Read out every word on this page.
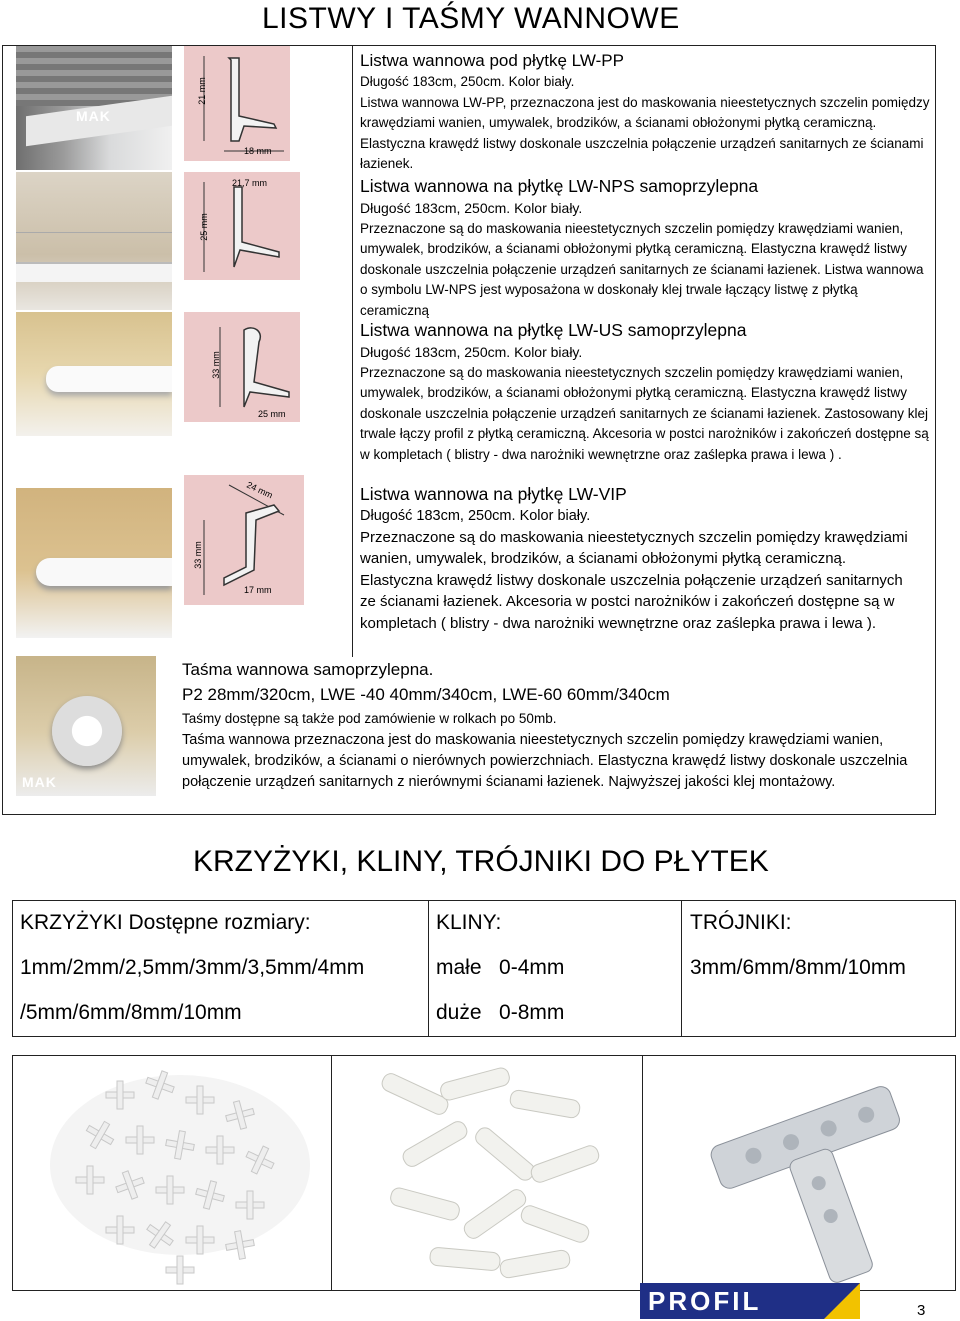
LISTWY I TAŚMY WANNOWE
MAK
MAK
21 mm
18 mm
21,7 mm
25 mm
33 mm
25 mm
24 mm
33 mm
17 mm
Listwa wannowa pod płytkę LW-PP

Długość 183cm, 250cm. Kolor biały.

Listwa wannowa LW-PP, przeznaczona jest do maskowania nieestetycznych szczelin pomiędzy krawędziami wanien, umywalek, brodzików, a ścianami obłożonymi płytką ceramiczną. Elastyczna krawędź listwy doskonale uszczelnia połączenie urządzeń sanitarnych ze ścianami łazienek.

Listwa wannowa na płytkę LW-NPS samoprzylepna

Długość 183cm, 250cm. Kolor biały.

Przeznaczone są do maskowania nieestetycznych szczelin pomiędzy krawędziami wanien, umywalek, brodzików, a ścianami obłożonymi płytką ceramiczną. Elastyczna krawędź listwy doskonale uszczelnia połączenie urządzeń sanitarnych ze ścianami łazienek. Listwa wannowa o symbolu LW-NPS jest wyposażona w doskonały klej trwale łączący listwę z płytką ceramiczną

Listwa wannowa na płytkę LW-US samoprzylepna

Długość 183cm, 250cm. Kolor biały.

Przeznaczone są do maskowania nieestetycznych szczelin pomiędzy krawędziami wanien, umywalek, brodzików, a ścianami obłożonymi płytką ceramiczną. Elastyczna krawędź listwy doskonale uszczelnia połączenie urządzeń sanitarnych ze ścianami łazienek. Zastosowany klej trwale łączy profil z płytką ceramiczną. Akcesoria w postci narożników i zakończeń dostępne są w kompletach ( blistry - dwa narożniki wewnętrzne oraz zaślepka prawa i lewa ) .

Listwa wannowa na płytkę LW-VIP

Długość 183cm, 250cm. Kolor biały.

Przeznaczone są do maskowania nieestetycznych szczelin pomiędzy krawędziami wanien, umywalek, brodzików, a ścianami obłożonymi płytką ceramiczną. Elastyczna krawędź listwy doskonale uszczelnia połączenie urządzeń sanitarnych ze ścianami łazienek. Akcesoria w postci narożników i zakończeń dostępne są w kompletach ( blistry - dwa narożniki wewnętrzne oraz zaślepka prawa i lewa ).

Taśma wannowa samoprzylepna.
P2 28mm/320cm, LWE -40 40mm/340cm, LWE-60 60mm/340cm
Taśmy dostępne są także pod zamówienie w rolkach po 50mb.
Taśma wannowa przeznaczona jest do maskowania nieestetycznych szczelin pomiędzy krawędziami wanien, umywalek, brodzików, a ścianami o nierównych powierzchniach. Elastyczna krawędź listwy doskonale uszczelnia połączenie urządzeń sanitarnych z nierównymi ścianami łazienek. Najwyższej jakości klej montażowy.
KRZYŻYKI, KLINY, TRÓJNIKI DO PŁYTEK
KRZYŻYKI Dostępne rozmiary:
1mm/2mm/2,5mm/3mm/3,5mm/4mm
/5mm/6mm/8mm/10mm
KLINY:
małe   0-4mm
duże   0-8mm
TRÓJNIKI:
3mm/6mm/8mm/10mm
PROFIL	3
